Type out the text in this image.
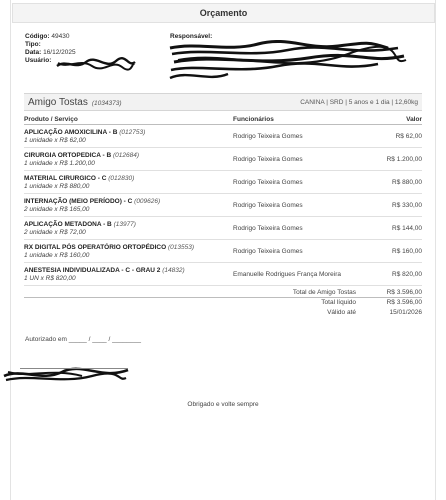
Orçamento
Código: 49430
Tipo:
Data: 16/12/2025
Usuário:
Responsável:
Amigo Tostas (1034373)	CANINA | SRD | 5 anos e 1 dia | 12,60kg
Produto / Serviço	Funcionários	Valor
APLICAÇÃO AMOXICILINA - B (012753)
1 unidade x R$ 62,00
Rodrigo Teixeira Gomes	R$ 62,00
CIRURGIA ORTOPEDICA - B (012684)
1 unidade x R$ 1.200,00
Rodrigo Teixeira Gomes	R$ 1.200,00
MATERIAL CIRURGICO - C (012830)
1 unidade x R$ 880,00
Rodrigo Teixeira Gomes	R$ 880,00
INTERNAÇÃO (MEIO PERÍODO) - C (009626)
2 unidade x R$ 165,00
Rodrigo Teixeira Gomes	R$ 330,00
APLICAÇÃO METADONA - B (13977)
2 unidade x R$ 72,00
Rodrigo Teixeira Gomes	R$ 144,00
RX DIGITAL PÓS OPERATÓRIO ORTOPÉDICO (013553)
1 unidade x R$ 160,00
Rodrigo Teixeira Gomes	R$ 160,00
ANESTESIA INDIVIDUALIZADA - C - GRAU 2 (14832)
1 UN x R$ 820,00
Emanuelle Rodrigues França Moreira	R$ 820,00
Total de Amigo Tostas	R$ 3.596,00
Total líquido	R$ 3.596,00
Válido até	15/01/2026
Autorizado em _____ / ____ / ________
Obrigado e volte sempre
